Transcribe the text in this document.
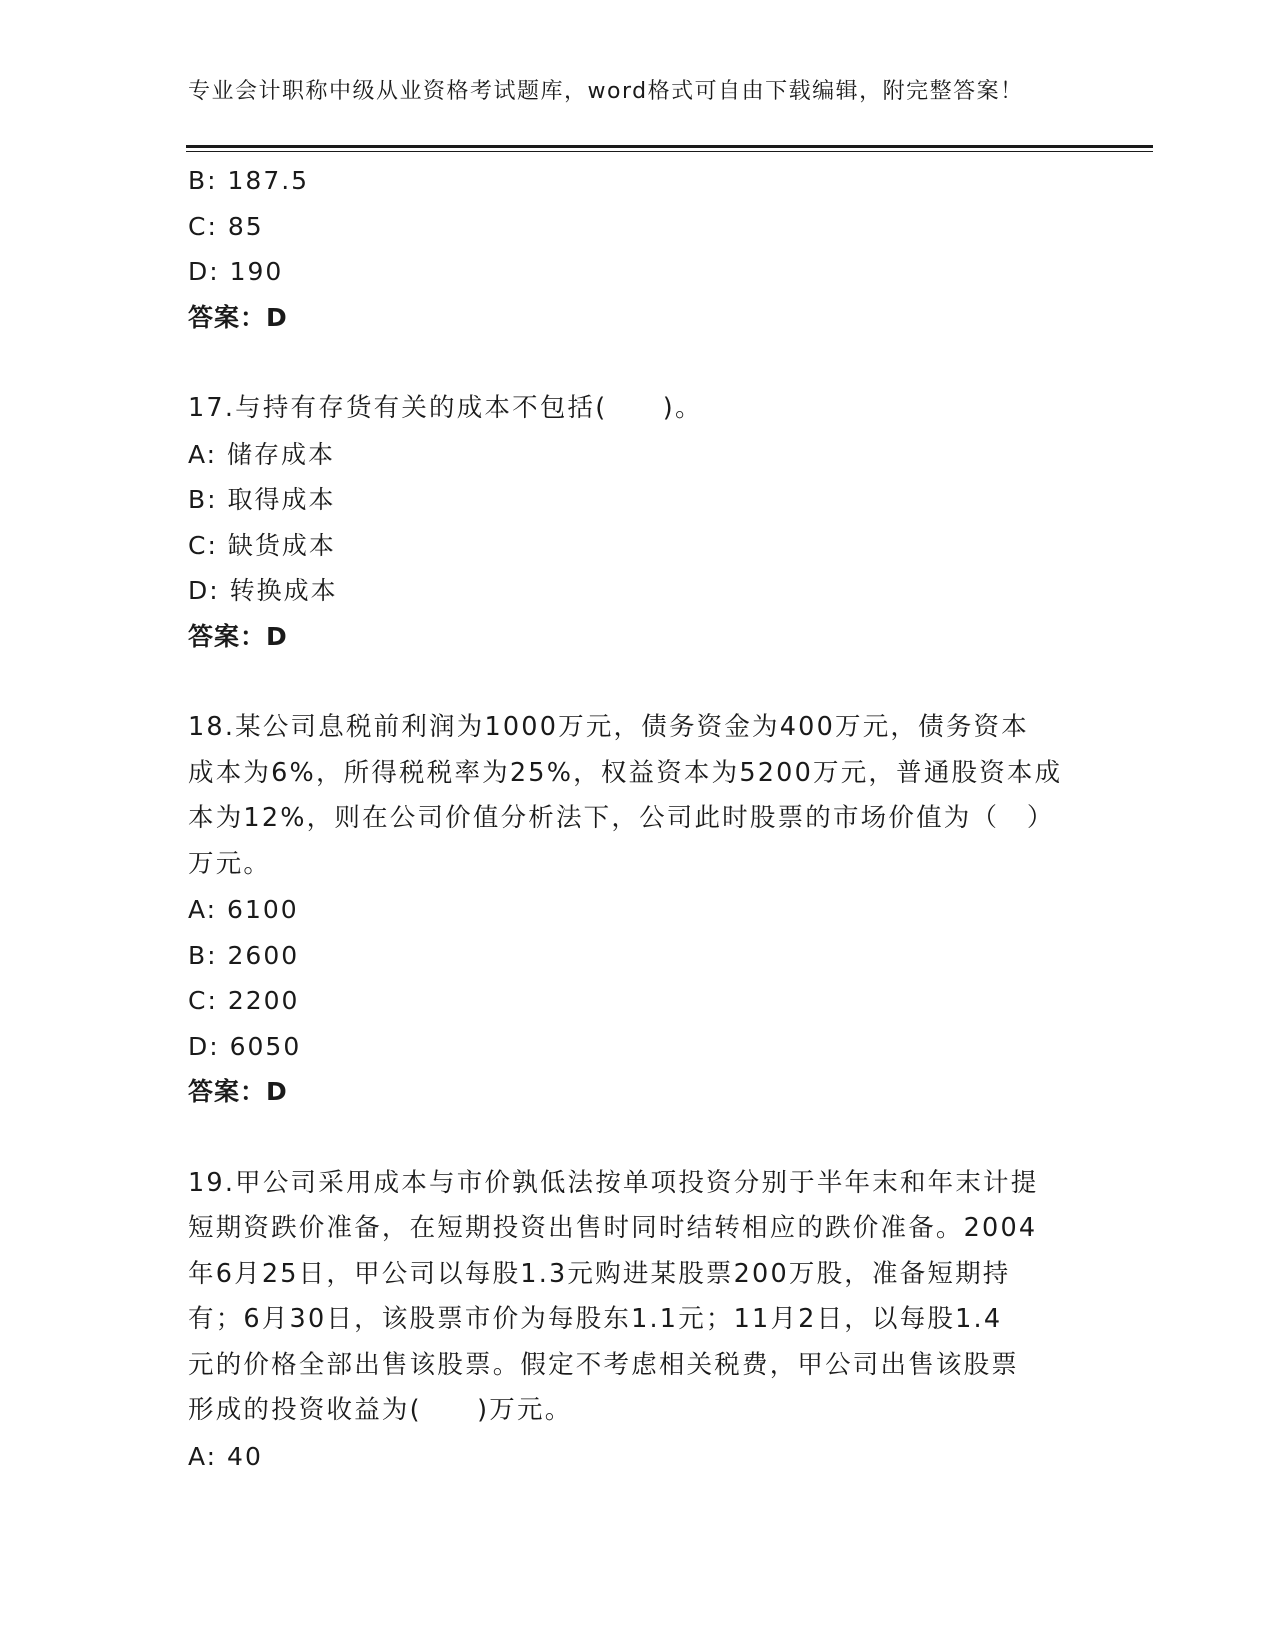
专业会计职称中级从业资格考试题库，word格式可自由下载编辑，附完整答案！
B: 187.5
C: 85
D: 190
答案：D
17.与持有存货有关的成本不包括(　　)。
A: 储存成本
B: 取得成本
C: 缺货成本
D: 转换成本
答案：D
18.某公司息税前利润为1000万元，债务资金为400万元，债务资本
成本为6%，所得税税率为25%，权益资本为5200万元，普通股资本成
本为12%，则在公司价值分析法下，公司此时股票的市场价值为（　）
万元。
A: 6100
B: 2600
C: 2200
D: 6050
答案：D
19.甲公司采用成本与市价孰低法按单项投资分别于半年末和年末计提
短期资跌价准备，在短期投资出售时同时结转相应的跌价准备。2004
年6月25日，甲公司以每股1.3元购进某股票200万股，准备短期持
有；6月30日，该股票市价为每股东1.1元；11月2日，以每股1.4
元的价格全部出售该股票。假定不考虑相关税费，甲公司出售该股票
形成的投资收益为(　　)万元。
A: 40
